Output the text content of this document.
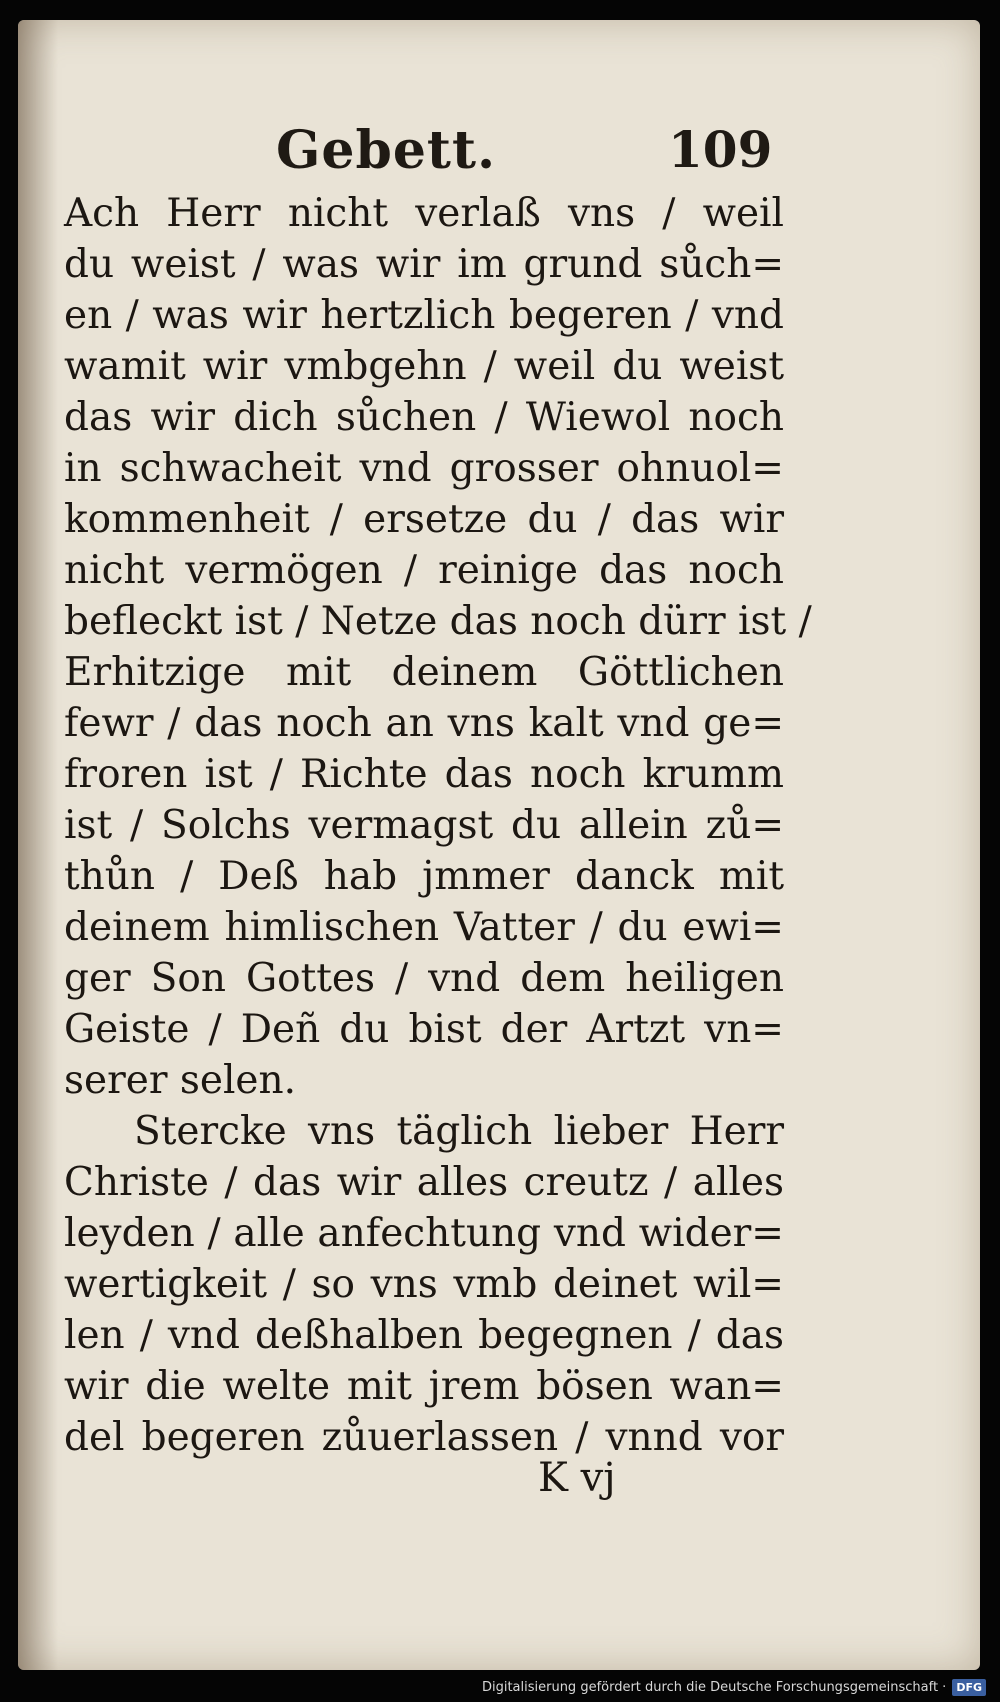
Gebett.	109
Ach Herr nicht verlaß vns / weil
du weist / was wir im grund sůch=
en / was wir hertzlich begeren / vnd
wamit wir vmbgehn / weil du weist
das wir dich sůchen / Wiewol noch
in schwacheit vnd grosser ohnuol=
kommenheit / ersetze du / das wir
nicht vermögen / reinige das noch
befleckt ist / Netze das noch dürr ist /
Erhitzige mit deinem Göttlichen
fewr / das noch an vns kalt vnd ge=
froren ist / Richte das noch krumm
ist / Solchs vermagst du allein zů=
thůn / Deß hab jmmer danck mit
deinem himlischen Vatter / du ewi=
ger Son Gottes / vnd dem heiligen
Geiste / Deñ du bist der Artzt vn=
serer selen.
Stercke vns täglich lieber Herr
Christe / das wir alles creutz / alles
leyden / alle anfechtung vnd wider=
wertigkeit / so vns vmb deinet wil=
len / vnd deßhalben begegnen / das
wir die welte mit jrem bösen wan=
del begeren zůuerlassen / vnnd vor
K vj
Digitalisierung gefördert durch die Deutsche Forschungsgemeinschaft · DFG
